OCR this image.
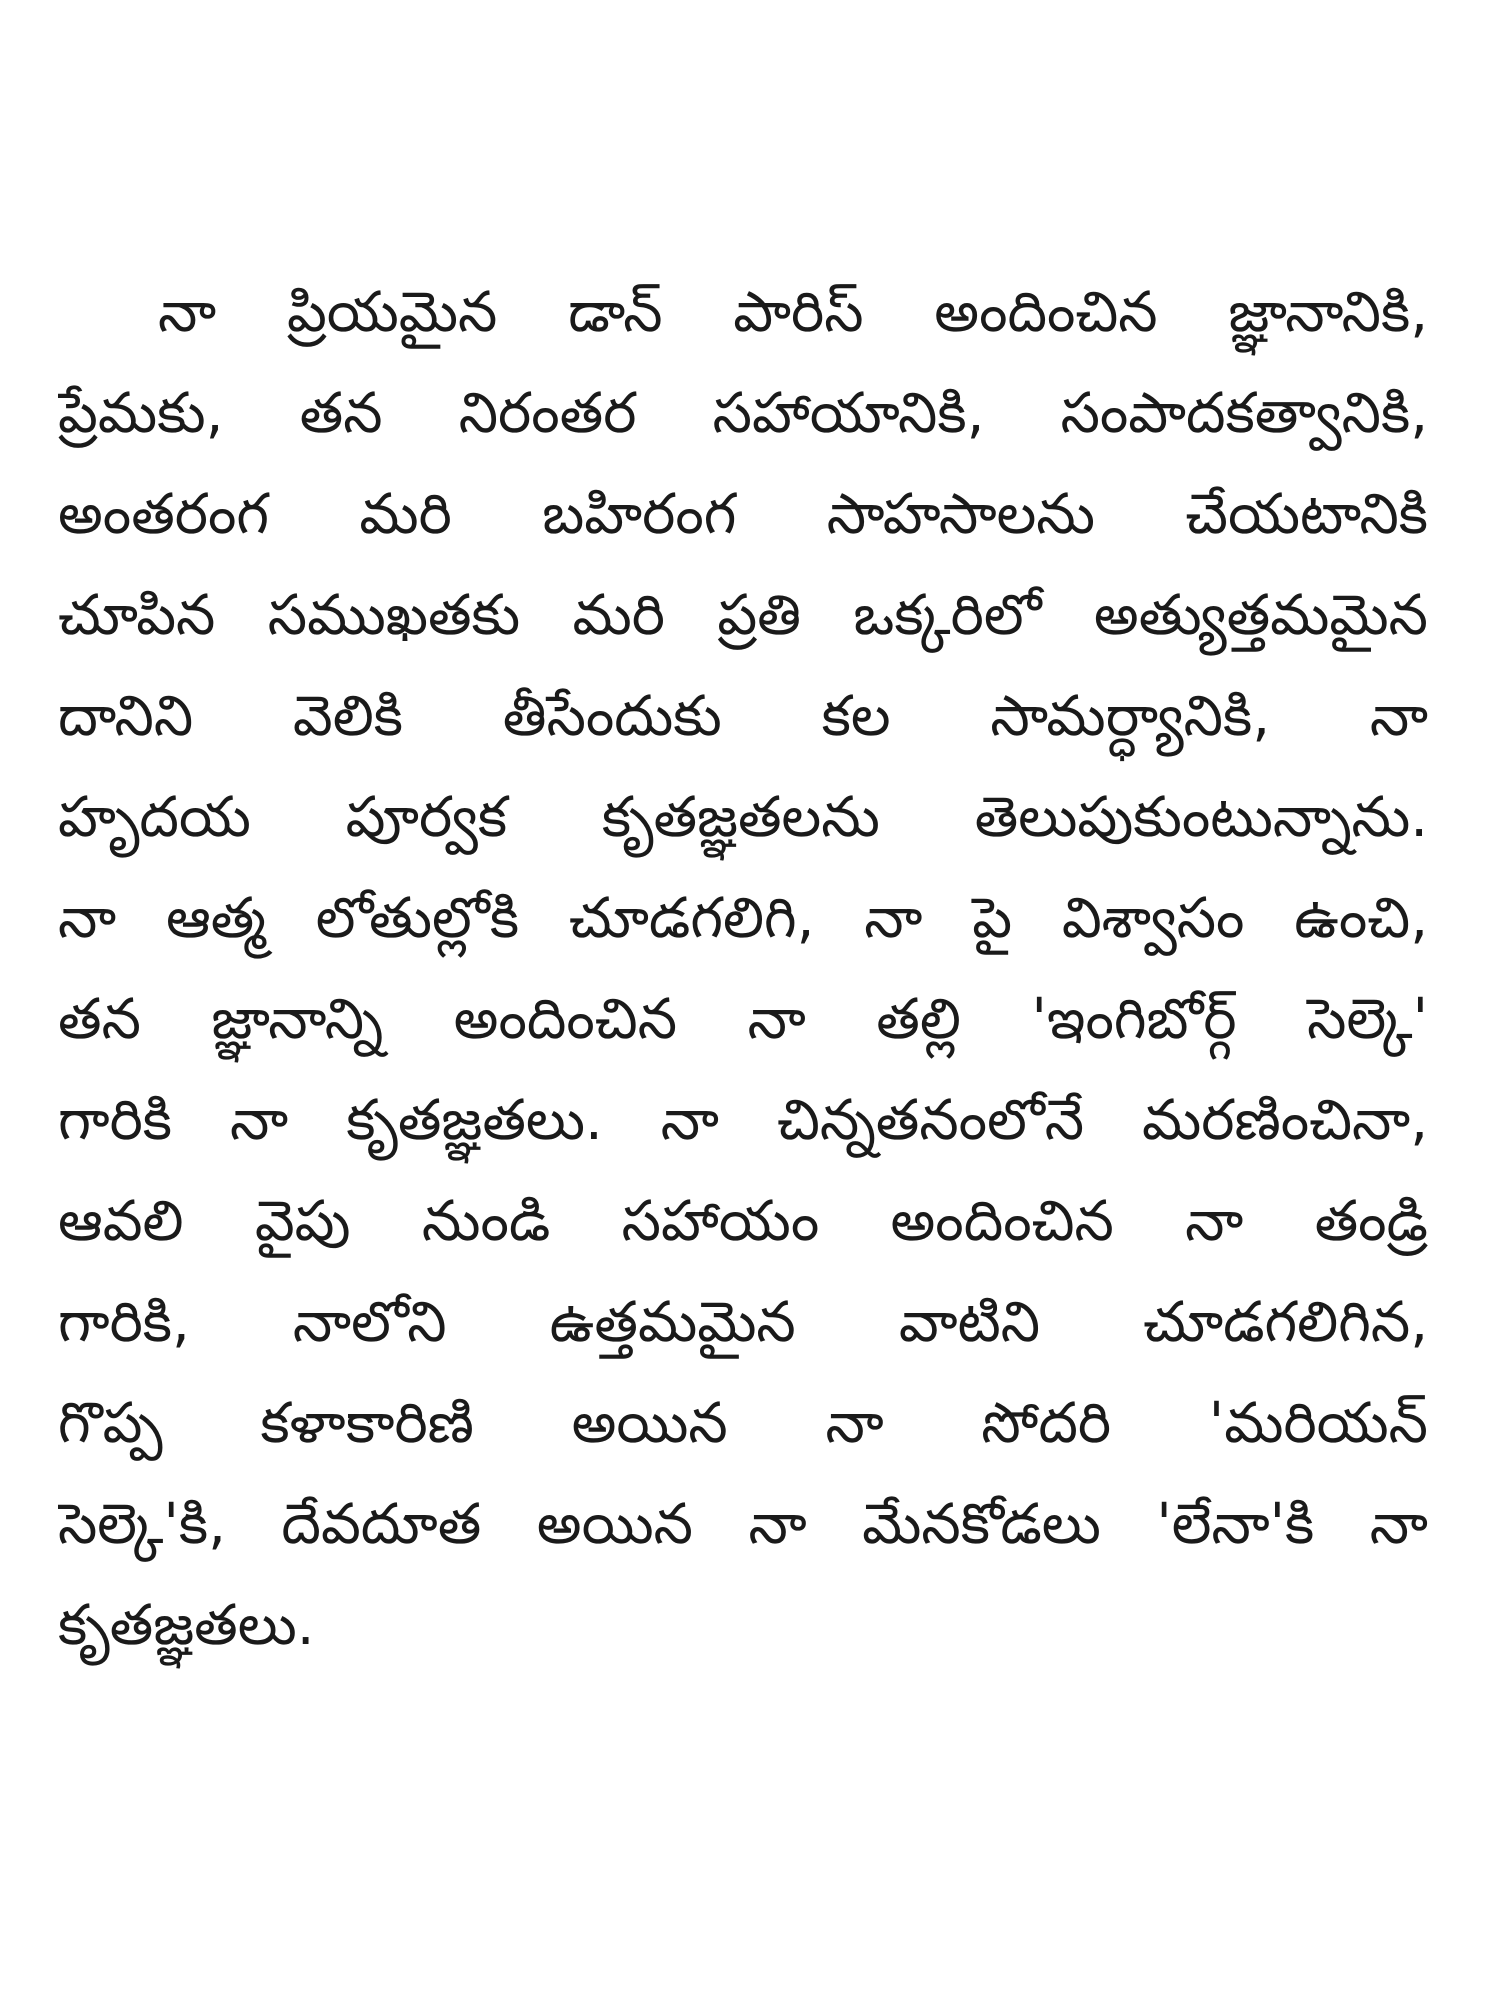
నా ప్రియమైన డాన్ పారిస్ అందించిన జ్ఞానానికి,
ప్రేమకు, తన నిరంతర సహాయానికి, సంపాదకత్వానికి,
అంతరంగ మరి బహిరంగ సాహసాలను చేయటానికి
చూపిన సముఖతకు మరి ప్రతి ఒక్కరిలో అత్యుత్తమమైన
దానిని వెలికి తీసేందుకు కల సామర్ధ్యానికి, నా
హృదయ పూర్వక కృతజ్ఞతలను తెలుపుకుంటున్నాను.
నా ఆత్మ లోతుల్లోకి చూడగలిగి, నా పై విశ్వాసం ఉంచి,
తన జ్ఞానాన్ని అందించిన నా తల్లి 'ఇంగిబోర్గ్ సెల్కె'
గారికి నా కృతజ్ఞతలు. నా చిన్నతనంలోనే మరణించినా,
ఆవలి వైపు నుండి సహాయం అందించిన నా తండ్రి
గారికి, నాలోని ఉత్తమమైన వాటిని చూడగలిగిన,
గొప్ప కళాకారిణి అయిన నా సోదరి 'మరియన్
సెల్కె'కి, దేవదూత అయిన నా మేనకోడలు 'లేనా'కి నా
కృతజ్ఞతలు.
